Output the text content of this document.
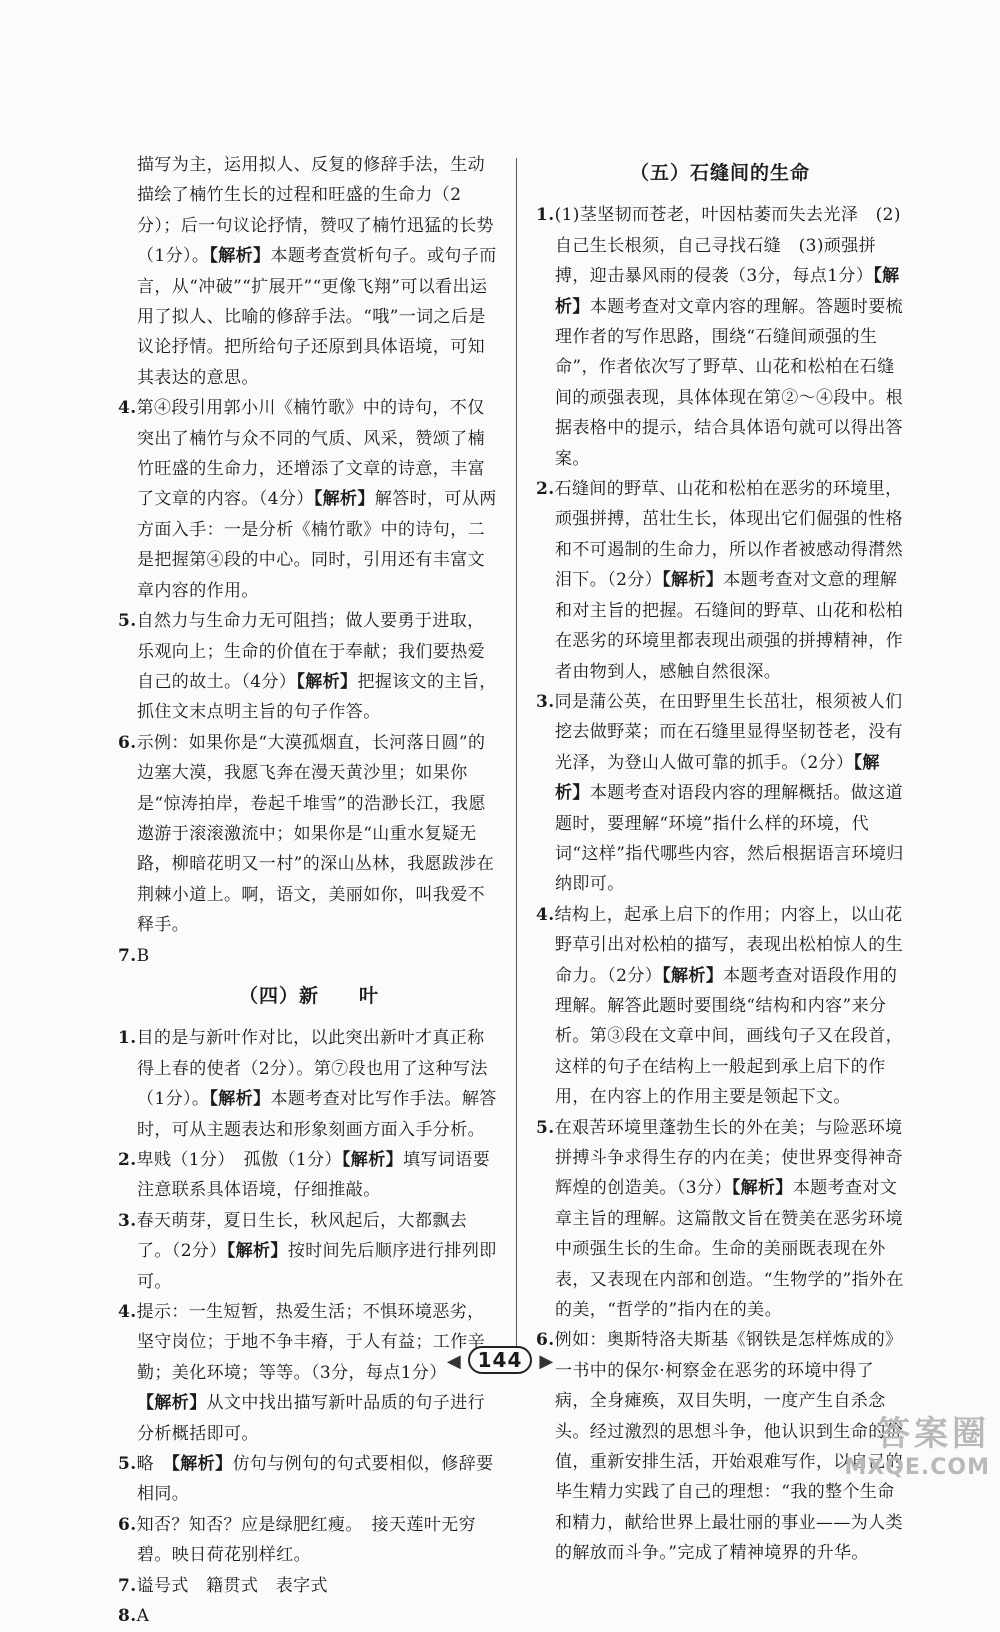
描写为主，运用拟人、反复的修辞手法，生动描绘了楠竹生长的过程和旺盛的生命力（2分）；后一句议论抒情，赞叹了楠竹迅猛的长势（1分）。【解析】本题考查赏析句子。或句子而言，从“冲破”“扩展开”“更像飞翔”可以看出运用了拟人、比喻的修辞手法。“哦”一词之后是议论抒情。把所给句子还原到具体语境，可知其表达的意思。

4.第④段引用郭小川《楠竹歌》中的诗句，不仅突出了楠竹与众不同的气质、风采，赞颂了楠竹旺盛的生命力，还增添了文章的诗意，丰富了文章的内容。（4分）【解析】解答时，可从两方面入手：一是分析《楠竹歌》中的诗句，二是把握第④段的中心。同时，引用还有丰富文章内容的作用。

5.自然力与生命力无可阻挡；做人要勇于进取，乐观向上；生命的价值在于奉献；我们要热爱自己的故土。（4分）【解析】把握该文的主旨，抓住文末点明主旨的句子作答。

6.示例：如果你是“大漠孤烟直，长河落日圆”的边塞大漠，我愿飞奔在漫天黄沙里；如果你是“惊涛拍岸，卷起千堆雪”的浩渺长江，我愿遨游于滚滚激流中；如果你是“山重水复疑无路，柳暗花明又一村”的深山丛林，我愿跋涉在荆棘小道上。啊，语文，美丽如你，叫我爱不释手。

7.B

（四）新　　叶

1.目的是与新叶作对比，以此突出新叶才真正称得上春的使者（2分）。第⑦段也用了这种写法（1分）。【解析】本题考查对比写作手法。解答时，可从主题表达和形象刻画方面入手分析。

2.卑贱（1分）　孤傲（1分）【解析】填写词语要注意联系具体语境，仔细推敲。

3.春天萌芽，夏日生长，秋风起后，大都飘去了。（2分）【解析】按时间先后顺序进行排列即可。

4.提示：一生短暂，热爱生活；不惧环境恶劣，坚守岗位；于地不争丰瘠，于人有益；工作辛勤；美化环境；等等。（3分，每点1分）【解析】从文中找出描写新叶品质的句子进行分析概括即可。

5.略　 【解析】仿句与例句的句式要相似，修辞要相同。

6.知否？知否？应是绿肥红瘦。　接天莲叶无穷碧。映日荷花别样红。

7.谥号式　籍贯式　表字式

8.A

（五）石缝间的生命

1.(1)茎坚韧而苍老，叶因枯萎而失去光泽　(2)自己生长根须，自己寻找石缝　(3)顽强拼搏，迎击暴风雨的侵袭（3分，每点1分）【解析】本题考查对文章内容的理解。答题时要梳理作者的写作思路，围绕“石缝间顽强的生命”，作者依次写了野草、山花和松柏在石缝间的顽强表现，具体体现在第②～④段中。根据表格中的提示，结合具体语句就可以得出答案。

2.石缝间的野草、山花和松柏在恶劣的环境里，顽强拼搏，茁壮生长，体现出它们倔强的性格和不可遏制的生命力，所以作者被感动得潸然泪下。（2分）【解析】本题考查对文意的理解和对主旨的把握。石缝间的野草、山花和松柏在恶劣的环境里都表现出顽强的拼搏精神，作者由物到人，感触自然很深。

3.同是蒲公英，在田野里生长茁壮，根须被人们挖去做野菜；而在石缝里显得坚韧苍老，没有光泽，为登山人做可靠的抓手。（2分）【解析】本题考查对语段内容的理解概括。做这道题时，要理解“环境”指什么样的环境，代词“这样”指代哪些内容，然后根据语言环境归纳即可。

4.结构上，起承上启下的作用；内容上，以山花野草引出对松柏的描写，表现出松柏惊人的生命力。（2分）【解析】本题考查对语段作用的理解。解答此题时要围绕“结构和内容”来分析。第③段在文章中间，画线句子又在段首，这样的句子在结构上一般起到承上启下的作用，在内容上的作用主要是领起下文。

5.在艰苦环境里蓬勃生长的外在美；与险恶环境拼搏斗争求得生存的内在美；使世界变得神奇辉煌的创造美。（3分）【解析】本题考查对文章主旨的理解。这篇散文旨在赞美在恶劣环境中顽强生长的生命。生命的美丽既表现在外表，又表现在内部和创造。“生物学的”指外在的美，“哲学的”指内在的美。

6.例如：奥斯特洛夫斯基《钢铁是怎样炼成的》一书中的保尔·柯察金在恶劣的环境中得了病，全身瘫痪，双目失明，一度产生自杀念头。经过激烈的思想斗争，他认识到生命的价值，重新安排生活，开始艰难写作，以自己的毕生精力实践了自己的理想：“我的整个生命和精力，献给世界上最壮丽的事业——为人类的解放而斗争。”完成了精神境界的升华。

◀ 144 ▶
答案圈
MXQE.COM
